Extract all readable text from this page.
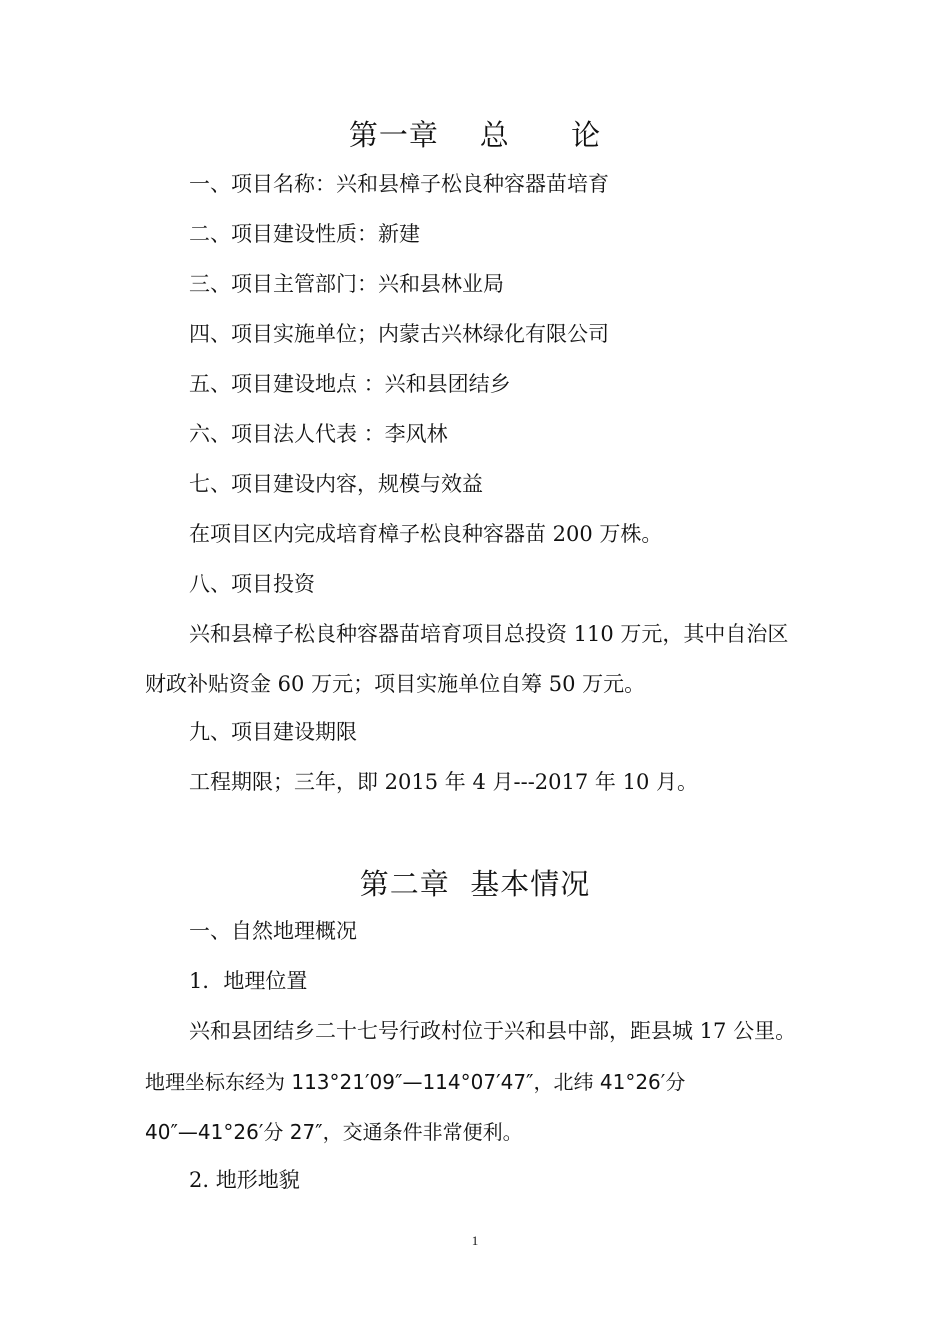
第一章    总      论
一、项目名称：兴和县樟子松良种容器苗培育
二、项目建设性质：新建
三、项目主管部门：兴和县林业局
四、项目实施单位；内蒙古兴林绿化有限公司
五、项目建设地点 ：兴和县团结乡
六、项目法人代表 ：李风林
七、项目建设内容，规模与效益
在项目区内完成培育樟子松良种容器苗 200 万株。
八、项目投资
兴和县樟子松良种容器苗培育项目总投资 110 万元，其中自治区
财政补贴资金 60 万元；项目实施单位自筹 50 万元。
九、项目建设期限
工程期限；三年，即 2015 年 4 月---2017 年 10 月。
第二章  基本情况
一、自然地理概况
1．地理位置
兴和县团结乡二十七号行政村位于兴和县中部，距县城 17 公里。
地理坐标东经为 113°21′09″—114°07′47″，北纬 41°26′分
40″—41°26′分 27″，交通条件非常便利。
2. 地形地貌
1
